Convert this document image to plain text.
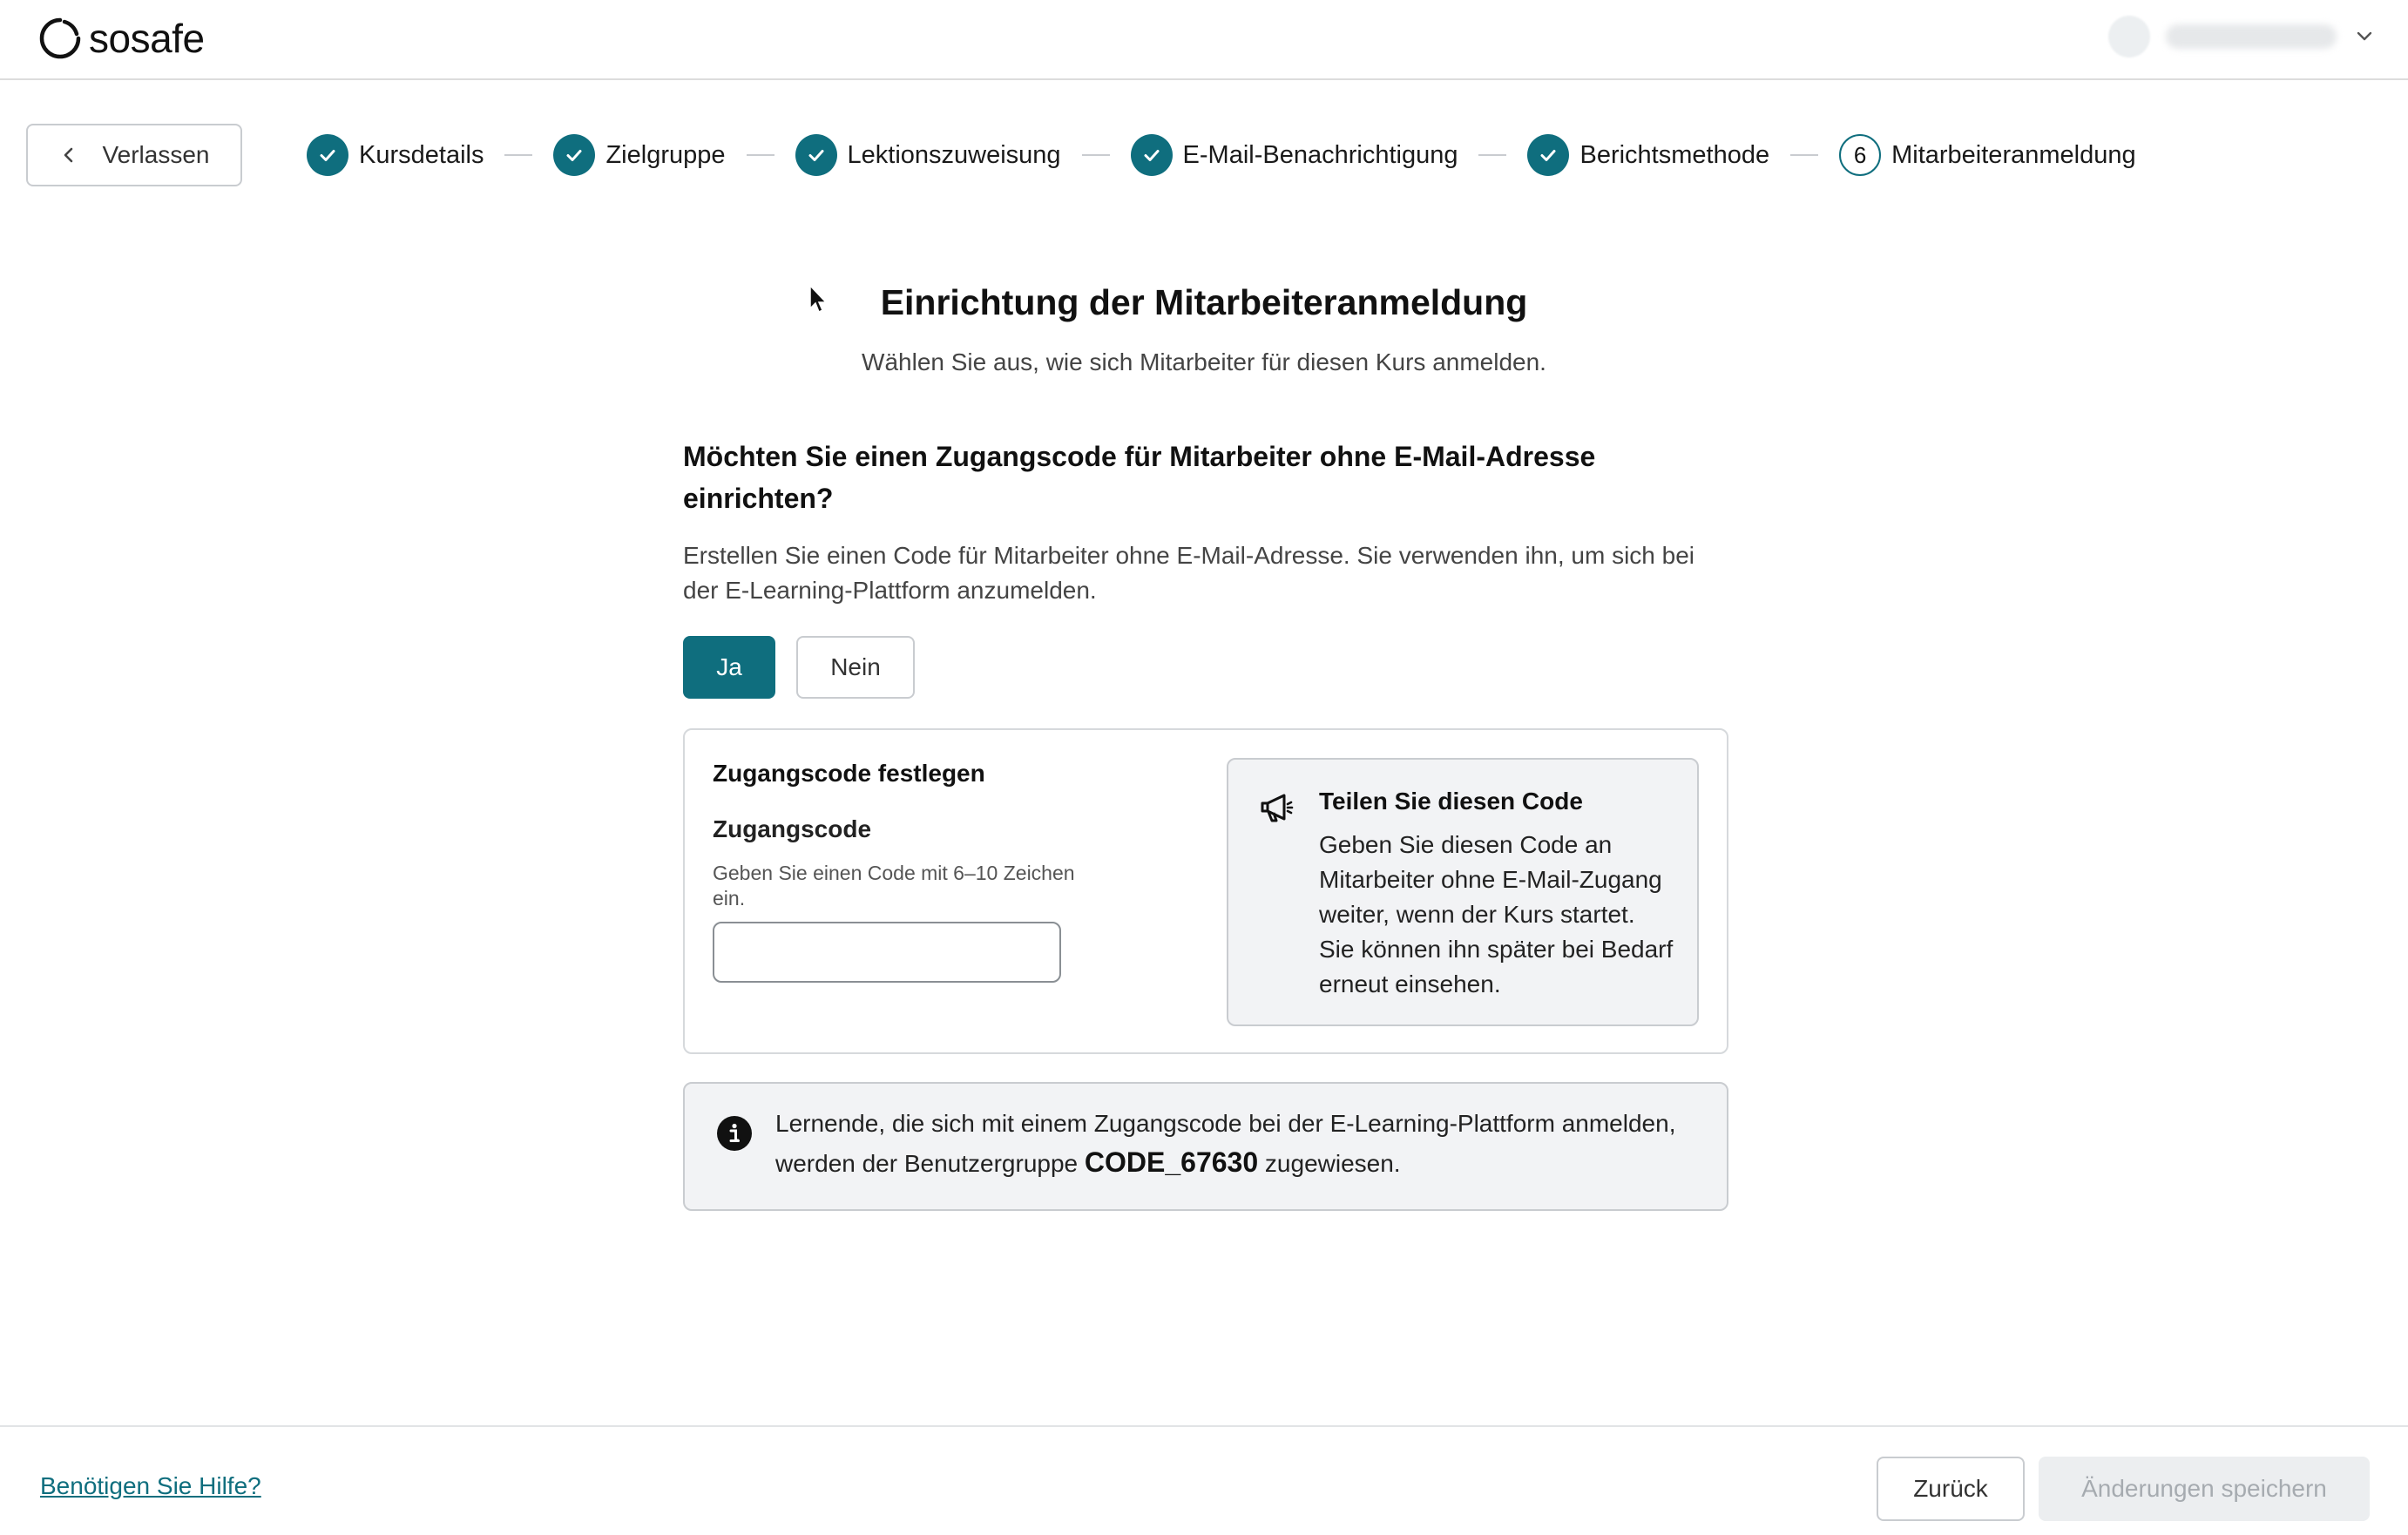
sosafe
Verlassen	Kursdetails	Zielgruppe	Lektionszuweisung	E-Mail-Benachrichtigung	Berichtsmethode	6 Mitarbeiteranmeldung
Einrichtung der Mitarbeiteranmeldung
Wählen Sie aus, wie sich Mitarbeiter für diesen Kurs anmelden.
Möchten Sie einen Zugangscode für Mitarbeiter ohne E-Mail-Adresse einrichten?
Erstellen Sie einen Code für Mitarbeiter ohne E-Mail-Adresse. Sie verwenden ihn, um sich bei der E-Learning-Plattform anzumelden.
Ja	Nein
Zugangscode festlegen
Zugangscode
Geben Sie einen Code mit 6–10 Zeichen ein.
Teilen Sie diesen Code
Geben Sie diesen Code an Mitarbeiter ohne E-Mail-Zugang weiter, wenn der Kurs startet. Sie können ihn später bei Bedarf erneut einsehen.
Lernende, die sich mit einem Zugangscode bei der E-Learning-Plattform anmelden, werden der Benutzergruppe CODE_67630 zugewiesen.
Benötigen Sie Hilfe?	Zurück	Änderungen speichern
